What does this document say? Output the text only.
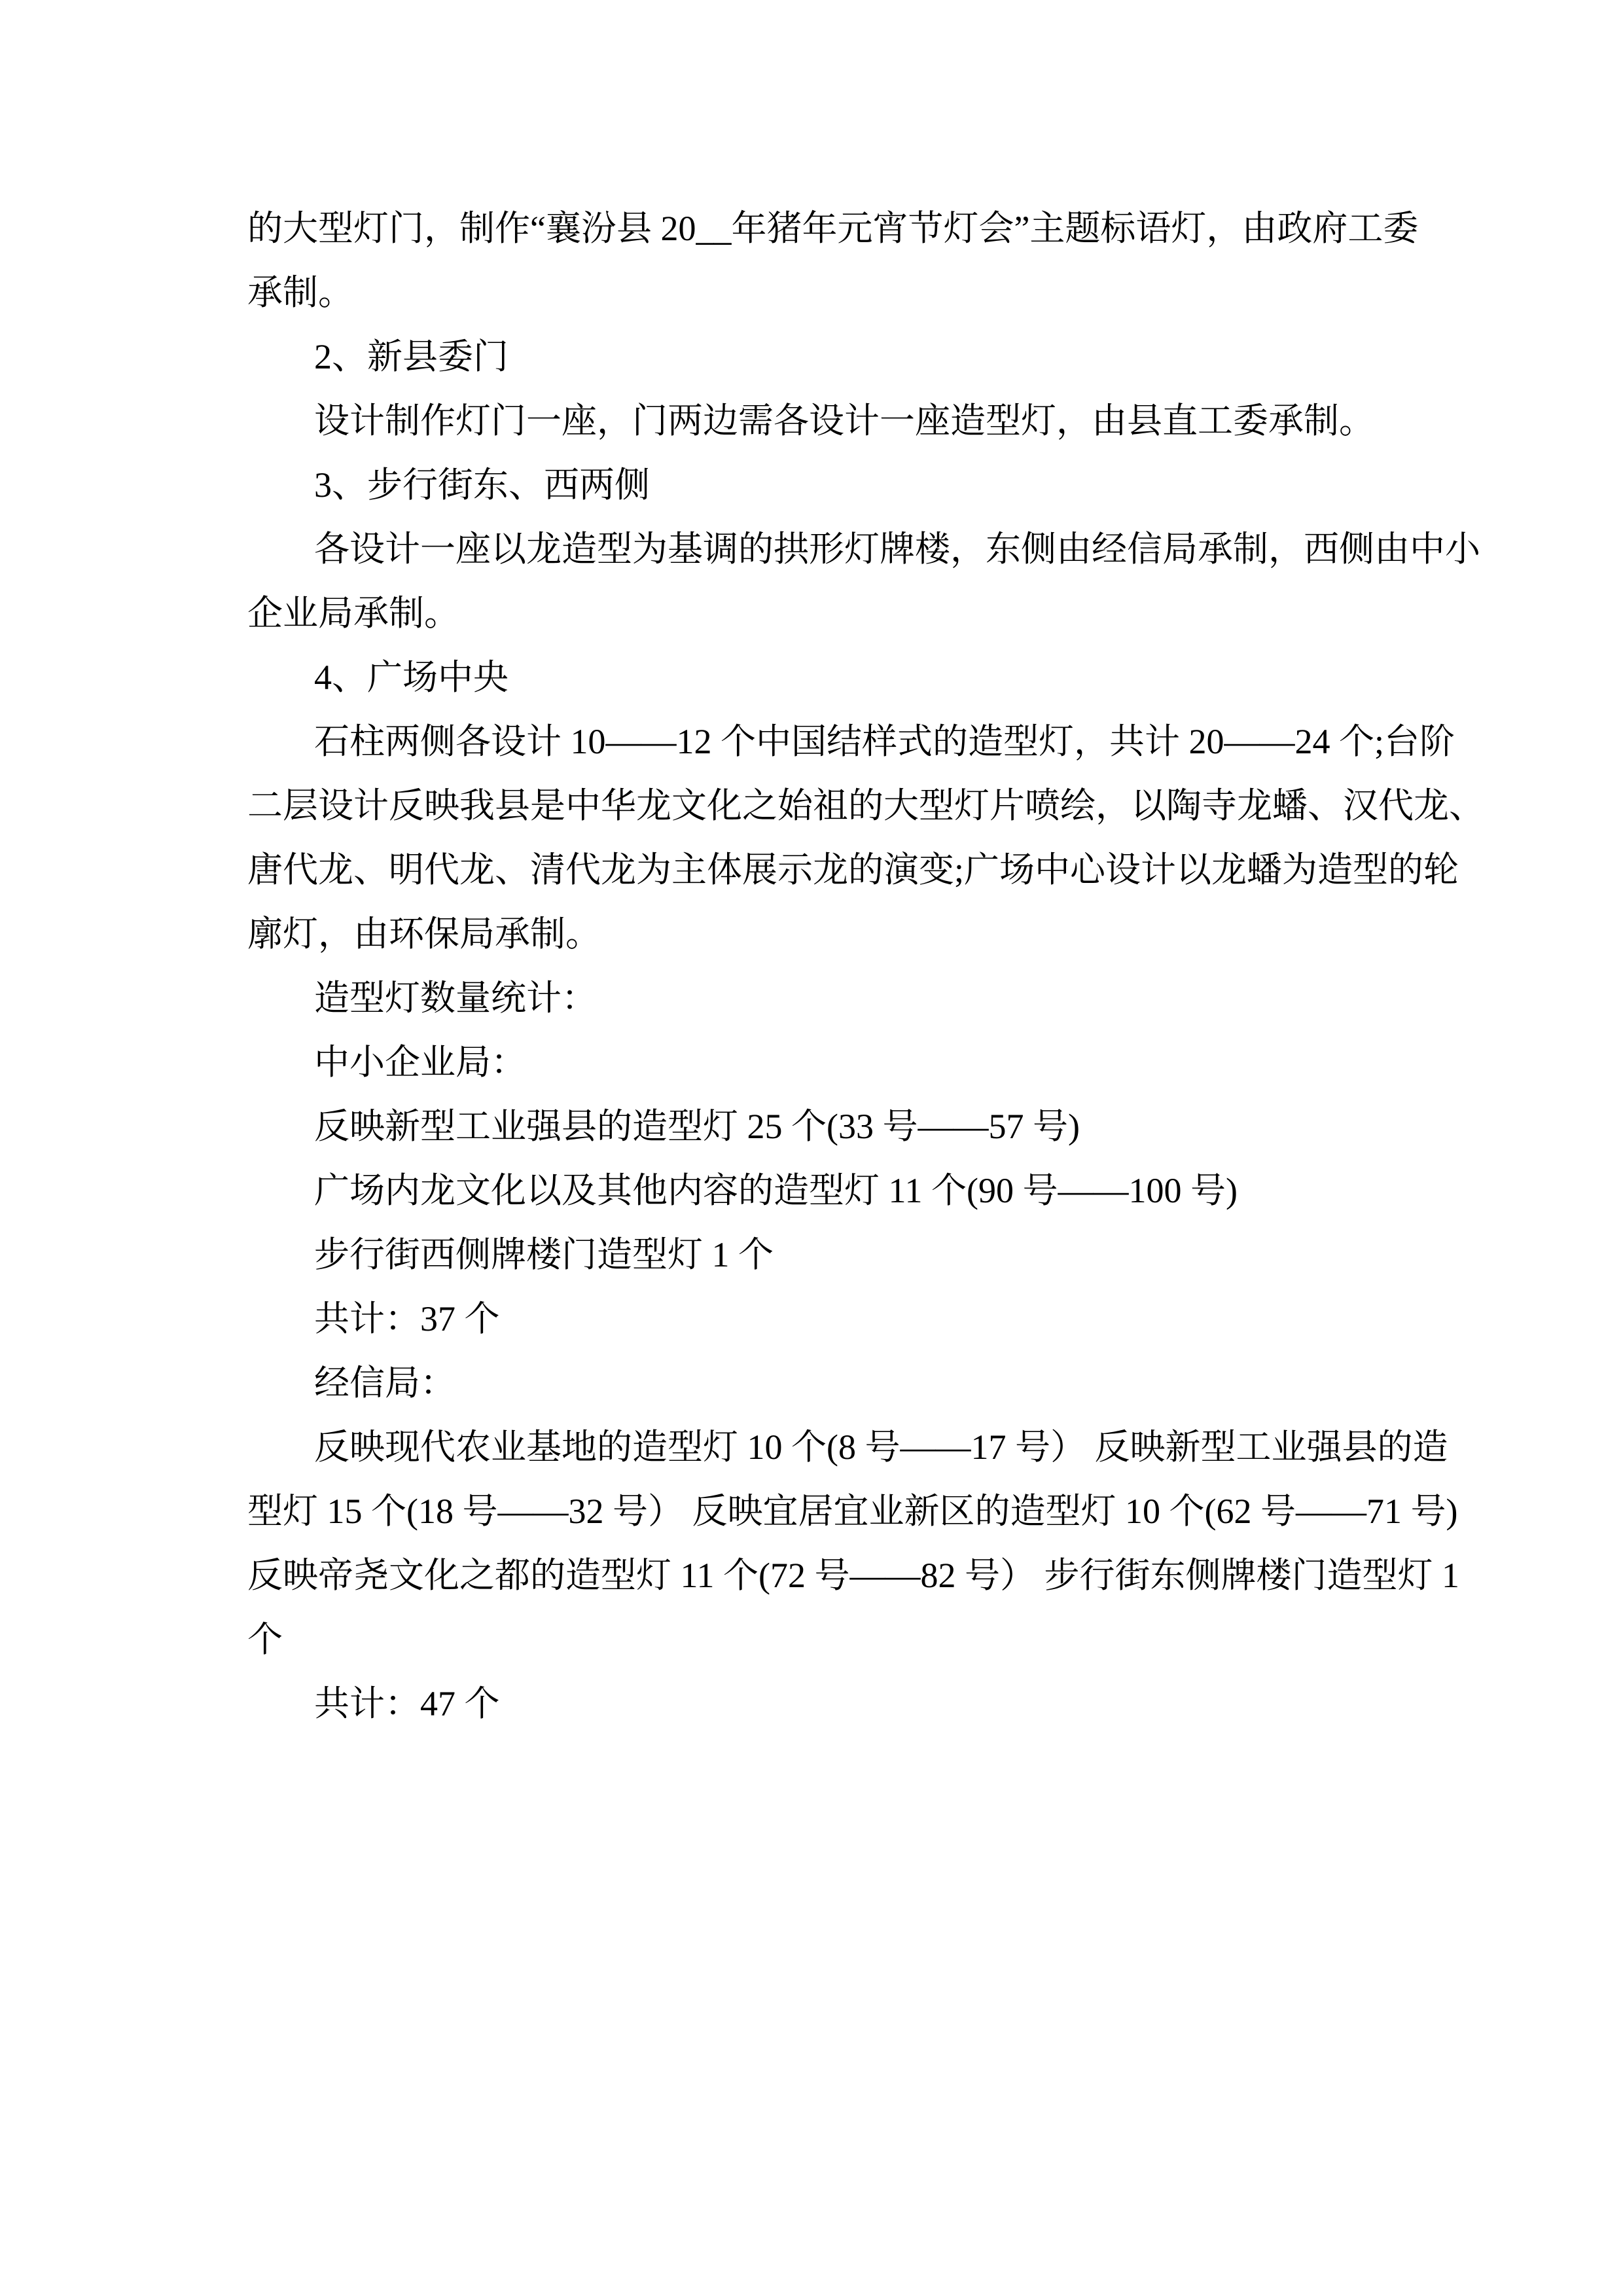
的大型灯门，制作“襄汾县 20__年猪年元宵节灯会”主题标语灯，由政府工委
承制。
2、新县委门
设计制作灯门一座，门两边需各设计一座造型灯，由县直工委承制。
3、步行街东、西两侧
各设计一座以龙造型为基调的拱形灯牌楼，东侧由经信局承制，西侧由中小
企业局承制。
4、广场中央
石柱两侧各设计 10——12 个中国结样式的造型灯，共计 20——24 个;台阶
二层设计反映我县是中华龙文化之始祖的大型灯片喷绘，以陶寺龙蟠、汉代龙、
唐代龙、明代龙、清代龙为主体展示龙的演变;广场中心设计以龙蟠为造型的轮
廓灯，由环保局承制。
造型灯数量统计：
中小企业局：
反映新型工业强县的造型灯 25 个(33 号——57 号)
广场内龙文化以及其他内容的造型灯 11 个(90 号——100 号)
步行街西侧牌楼门造型灯 1 个
共计：37 个
经信局：
反映现代农业基地的造型灯 10 个(8 号——17 号） 反映新型工业强县的造
型灯 15 个(18 号——32 号） 反映宜居宜业新区的造型灯 10 个(62 号——71 号)
反映帝尧文化之都的造型灯 11 个(72 号——82 号） 步行街东侧牌楼门造型灯 1
个
共计：47 个
